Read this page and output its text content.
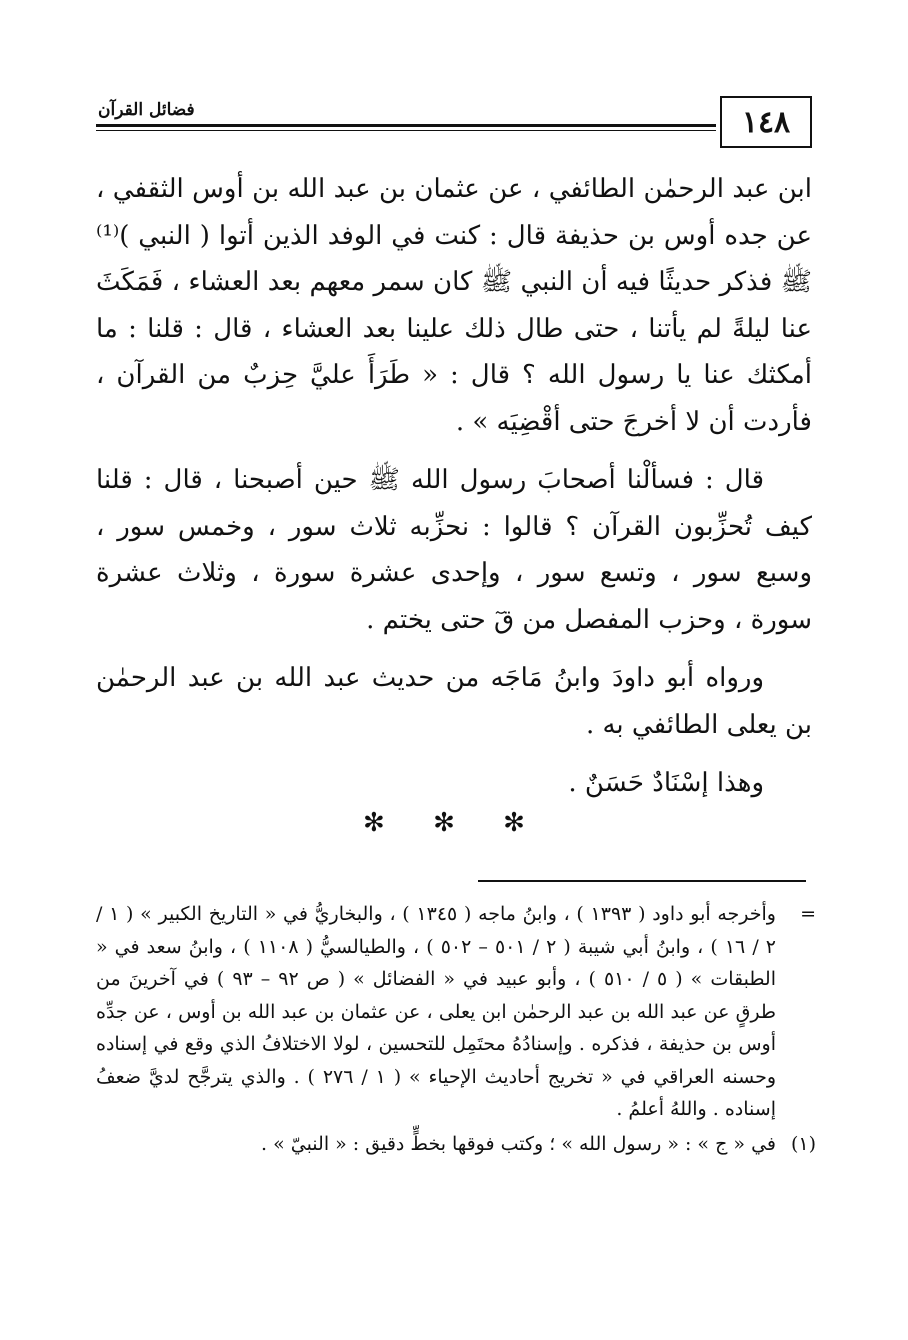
١٤٨
فضائل القرآن

ابن عبد الرحمٰن الطائفي ، عن عثمان بن عبد الله بن أوس الثقفي ، عن جده أوس بن حذيفة قال : كنت في الوفد الذين أتوا ( النبي )⁽¹⁾ ﷺ فذكر حديثًا فيه أن النبي ﷺ كان سمر معهم بعد العشاء ، فَمَكَثَ عنا ليلةً لم يأتنا ، حتى طال ذلك علينا بعد العشاء ، قال : قلنا : ما أمكثك عنا يا رسول الله ؟ قال : « طَرَأَ عليَّ حِزبٌ من القرآن ، فأردت أن لا أخرجَ حتى أقْضِيَه » .

قال : فسألْنا أصحابَ رسول الله ﷺ حين أصبحنا ، قال : قلنا كيف تُحزِّبون القرآن ؟ قالوا : نحزِّبه ثلاث سور ، وخمس سور ، وسبع سور ، وتسع سور ، وإحدى عشرة سورة ، وثلاث عشرة سورة ، وحزب المفصل من قٓ حتى يختم .

ورواه أبو داودَ وابنُ مَاجَه من حديث عبد الله بن عبد الرحمٰن بن يعلى الطائفي به .

وهذا إسْنَادٌ حَسَنٌ .

✻ ✻ ✻
=
وأخرجه أبو داود ( ١٣٩٣ ) ، وابنُ ماجه ( ١٣٤٥ ) ، والبخاريُّ في « التاريخ الكبير » ( ١ / ٢ / ١٦ ) ، وابنُ أبي شيبة ( ٢ / ٥٠١ – ٥٠٢ ) ، والطيالسيُّ ( ١١٠٨ ) ، وابنُ سعد في « الطبقات » ( ٥ / ٥١٠ ) ، وأبو عبيد في « الفضائل » ( ص ٩٢ – ٩٣ ) في آخرينَ من طرقٍ عن عبد الله بن عبد الرحمٰن ابن يعلى ، عن عثمان بن عبد الله بن أوس ، عن جدِّه أوس بن حذيفة ، فذكره . وإسنادُهُ محتَمِل للتحسين ، لولا الاختلافُ الذي وقع في إسناده وحسنه العراقي في « تخريج أحاديث الإحياء » ( ١ / ٢٧٦ ) . والذي يترجَّح لديَّ ضعفُ إسناده . واللهُ أعلمُ .
(١)
في « ج » : « رسول الله » ؛ وكتب فوقها بخطٍّ دقيق : « النبيّ » .
